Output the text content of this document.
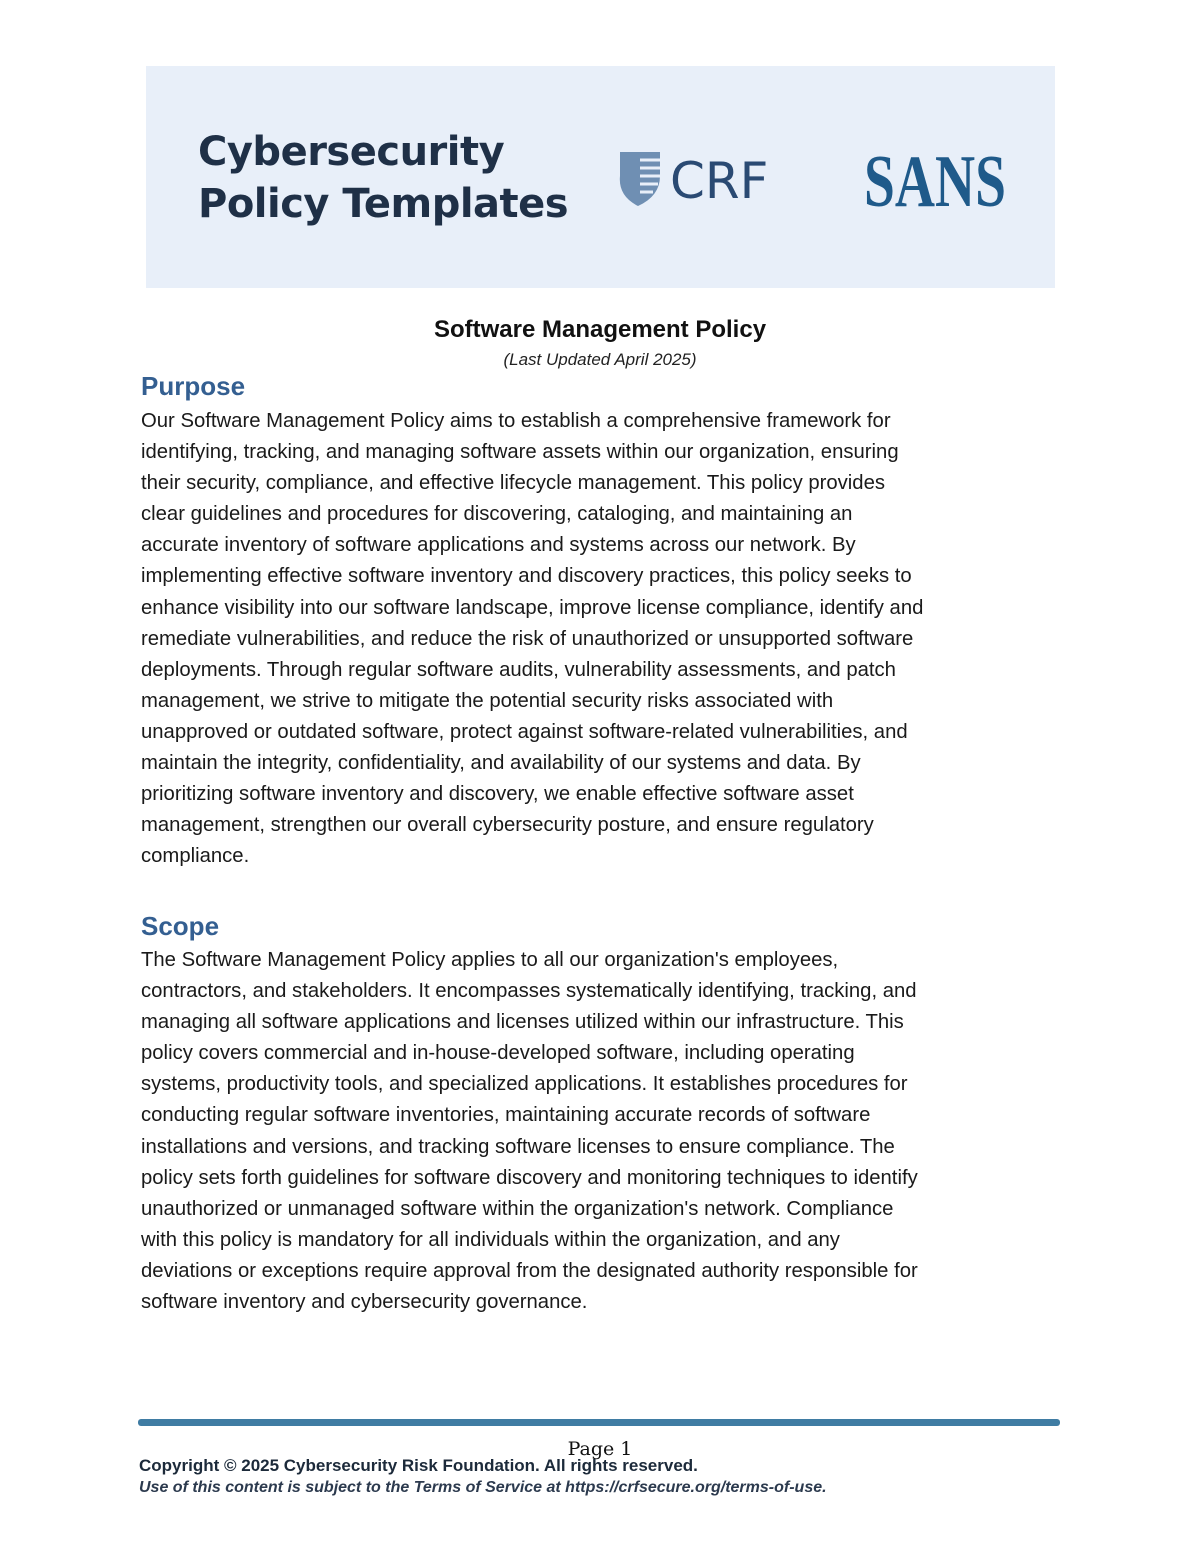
Cybersecurity
Policy Templates CRF SANS
Software Management Policy
(Last Updated April 2025)
Purpose
Our Software Management Policy aims to establish a comprehensive framework for
identifying, tracking, and managing software assets within our organization, ensuring
their security, compliance, and effective lifecycle management. This policy provides
clear guidelines and procedures for discovering, cataloging, and maintaining an
accurate inventory of software applications and systems across our network. By
implementing effective software inventory and discovery practices, this policy seeks to
enhance visibility into our software landscape, improve license compliance, identify and
remediate vulnerabilities, and reduce the risk of unauthorized or unsupported software
deployments. Through regular software audits, vulnerability assessments, and patch
management, we strive to mitigate the potential security risks associated with
unapproved or outdated software, protect against software-related vulnerabilities, and
maintain the integrity, confidentiality, and availability of our systems and data. By
prioritizing software inventory and discovery, we enable effective software asset
management, strengthen our overall cybersecurity posture, and ensure regulatory
compliance.
Scope
The Software Management Policy applies to all our organization's employees,
contractors, and stakeholders. It encompasses systematically identifying, tracking, and
managing all software applications and licenses utilized within our infrastructure. This
policy covers commercial and in-house-developed software, including operating
systems, productivity tools, and specialized applications. It establishes procedures for
conducting regular software inventories, maintaining accurate records of software
installations and versions, and tracking software licenses to ensure compliance. The
policy sets forth guidelines for software discovery and monitoring techniques to identify
unauthorized or unmanaged software within the organization's network. Compliance
with this policy is mandatory for all individuals within the organization, and any
deviations or exceptions require approval from the designated authority responsible for
software inventory and cybersecurity governance.
Page 1
Copyright © 2025 Cybersecurity Risk Foundation. All rights reserved.
Use of this content is subject to the Terms of Service at https://crfsecure.org/terms-of-use.
